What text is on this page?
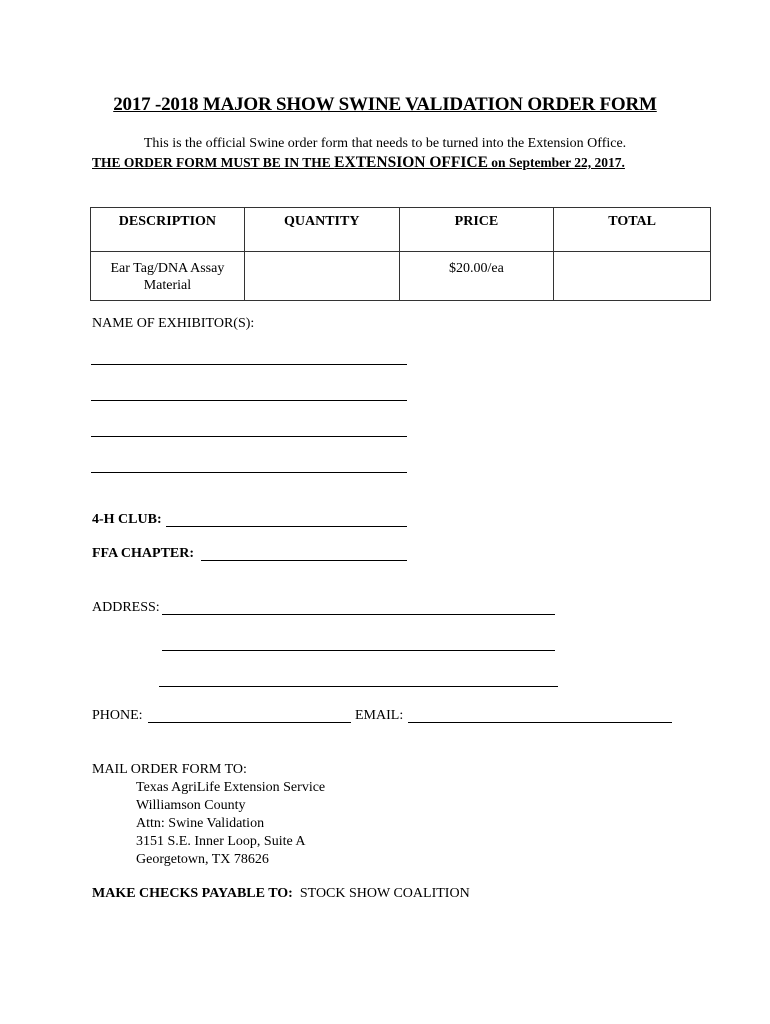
2017 -2018 MAJOR SHOW SWINE VALIDATION ORDER FORM
This is the official Swine order form that needs to be turned into the Extension Office.
THE ORDER FORM MUST BE IN THE EXTENSION OFFICE on September 22, 2017.
DESCRIPTION	QUANTITY	PRICE	TOTAL
Ear Tag/DNA Assay Material		$20.00/ea	
NAME OF EXHIBITOR(S):
4-H CLUB:
FFA CHAPTER:
ADDRESS:
PHONE:	EMAIL:
MAIL ORDER FORM TO:
Texas AgriLife Extension Service
Williamson County
Attn: Swine Validation
3151 S.E. Inner Loop, Suite A
Georgetown, TX 78626
MAKE CHECKS PAYABLE TO: STOCK SHOW COALITION
